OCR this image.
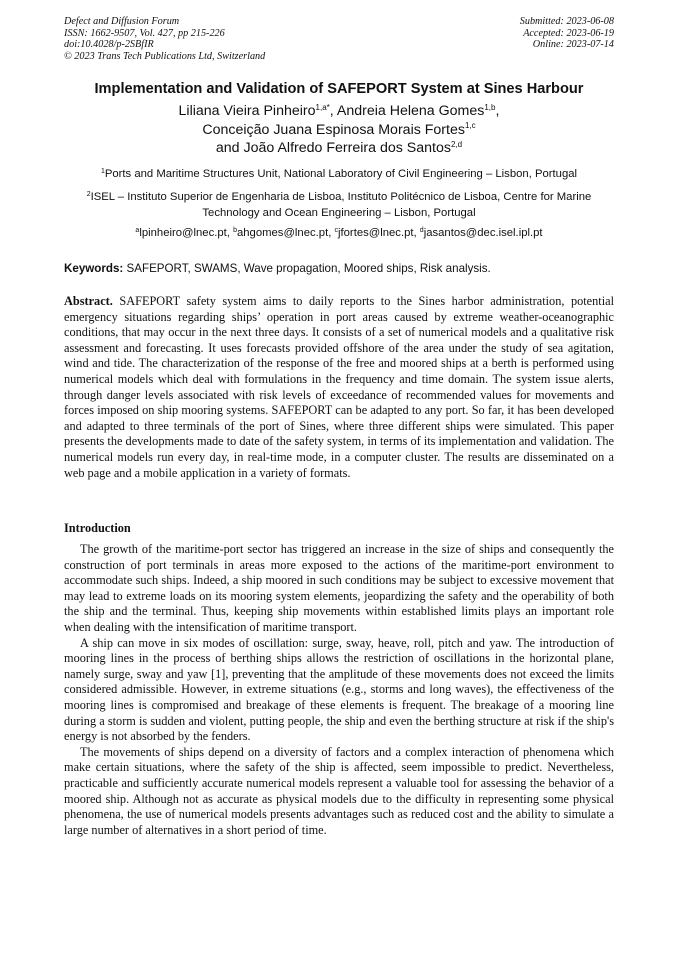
Defect and Diffusion Forum
ISSN: 1662-9507, Vol. 427, pp 215-226
doi:10.4028/p-2SBfIR
© 2023 Trans Tech Publications Ltd, Switzerland
Submitted: 2023-06-08
Accepted: 2023-06-19
Online: 2023-07-14
Implementation and Validation of SAFEPORT System at Sines Harbour
Liliana Vieira Pinheiro$^{1,a*}$, Andreia Helena Gomes$^{1,b}$,
Conceição Juana Espinosa Morais Fortes$^{1,c}$
and João Alfredo Ferreira dos Santos$^{2,d}$
$^1$Ports and Maritime Structures Unit, National Laboratory of Civil Engineering – Lisbon, Portugal
$^2$ISEL – Instituto Superior de Engenharia de Lisboa, Instituto Politécnico de Lisboa, Centre for Marine Technology and Ocean Engineering – Lisbon, Portugal
$^a$lpinheiro@lnec.pt, $^b$ahgomes@lnec.pt, $^c$jfortes@lnec.pt, $^d$jasantos@dec.isel.ipl.pt
Keywords: SAFEPORT, SWAMS, Wave propagation, Moored ships, Risk analysis.
Abstract. SAFEPORT safety system aims to daily reports to the Sines harbor administration, potential emergency situations regarding ships’ operation in port areas caused by extreme weather-oceanographic conditions, that may occur in the next three days. It consists of a set of numerical models and a qualitative risk assessment and forecasting. It uses forecasts provided offshore of the area under the study of sea agitation, wind and tide. The characterization of the response of the free and moored ships at a berth is performed using numerical models which deal with formulations in the frequency and time domain. The system issue alerts, through danger levels associated with risk levels of exceedance of recommended values for movements and forces imposed on ship mooring systems. SAFEPORT can be adapted to any port. So far, it has been developed and adapted to three terminals of the port of Sines, where three different ships were simulated. This paper presents the developments made to date of the safety system, in terms of its implementation and validation. The numerical models run every day, in real-time mode, in a computer cluster. The results are disseminated on a web page and a mobile application in a variety of formats.
Introduction

The growth of the maritime-port sector has triggered an increase in the size of ships and consequently the construction of port terminals in areas more exposed to the actions of the maritime-port environment to accommodate such ships. Indeed, a ship moored in such conditions may be subject to excessive movement that may lead to extreme loads on its mooring system elements, jeopardizing the safety and the operability of both the ship and the terminal. Thus, keeping ship movements within established limits plays an important role when dealing with the intensification of maritime transport.

A ship can move in six modes of oscillation: surge, sway, heave, roll, pitch and yaw. The introduction of mooring lines in the process of berthing ships allows the restriction of oscillations in the horizontal plane, namely surge, sway and yaw [1], preventing that the amplitude of these movements does not exceed the limits considered admissible. However, in extreme situations (e.g., storms and long waves), the effectiveness of the mooring lines is compromised and breakage of these elements is frequent. The breakage of a mooring line during a storm is sudden and violent, putting people, the ship and even the berthing structure at risk if the ship's energy is not absorbed by the fenders.

The movements of ships depend on a diversity of factors and a complex interaction of phenomena which make certain situations, where the safety of the ship is affected, seem impossible to predict. Nevertheless, practicable and sufficiently accurate numerical models represent a valuable tool for assessing the behavior of a moored ship. Although not as accurate as physical models due to the difficulty in representing some physical phenomena, the use of numerical models presents advantages such as reduced cost and the ability to simulate a large number of alternatives in a short period of time.
